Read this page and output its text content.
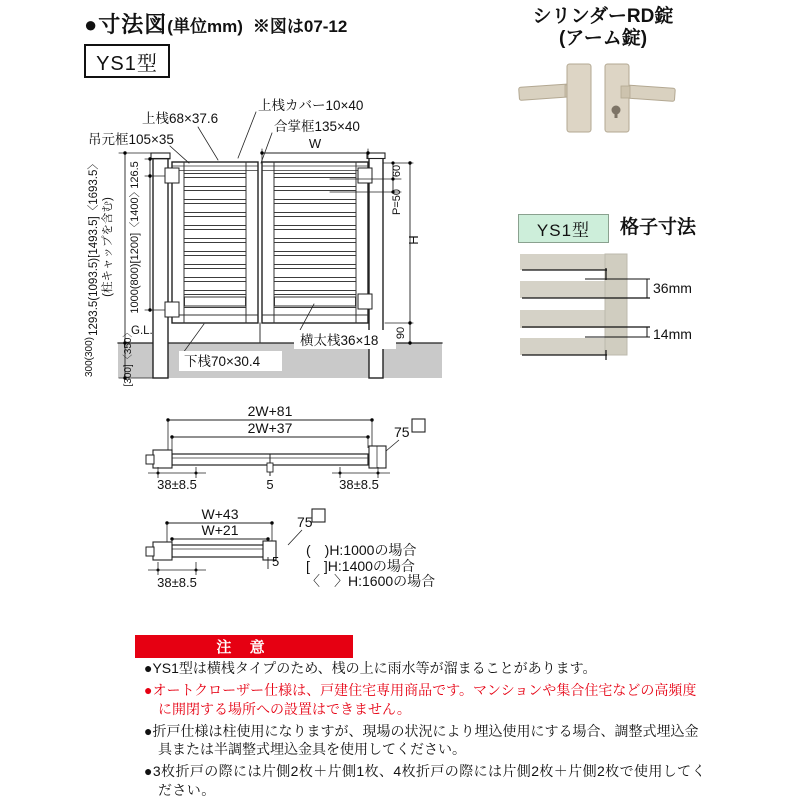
吊元框105×35
上桟68×37.6
上桟カバー10×40
合掌框135×40
W
126.5
1000(800)[1200]〈1400〉
1293.5(1093.5)[1493.5]〈1693.5〉 (柱キャップを含む)
G.L.
300(300)	[300]〈350〉	下桟70×30.4
横太桟36×18
60
P=50
H
90
36mm
14mm
2W+81
2W+37	75
38±8.5	5	38±8.5
W+43
W+21	75
5
38±8.5
●寸法図 (単位mm) ※図は07-12
YS1型
シリンダーRD錠
(アーム錠)
YS1型	格子寸法
(　)H:1000の場合
[　]H:1400の場合
〈　〉H:1600の場合
注 意
●YS1型は横桟タイプのため、桟の上に雨水等が溜まることがあります。
●オートクローザー仕様は、戸建住宅専用商品です。マンションや集合住宅などの高頻度に開閉する場所への設置はできません。
●折戸仕様は柱使用になりますが、現場の状況により埋込使用にする場合、調整式埋込金具または半調整式埋込金具を使用してください。
●3枚折戸の際には片側2枚＋片側1枚、4枚折戸の際には片側2枚＋片側2枚で使用してください。
